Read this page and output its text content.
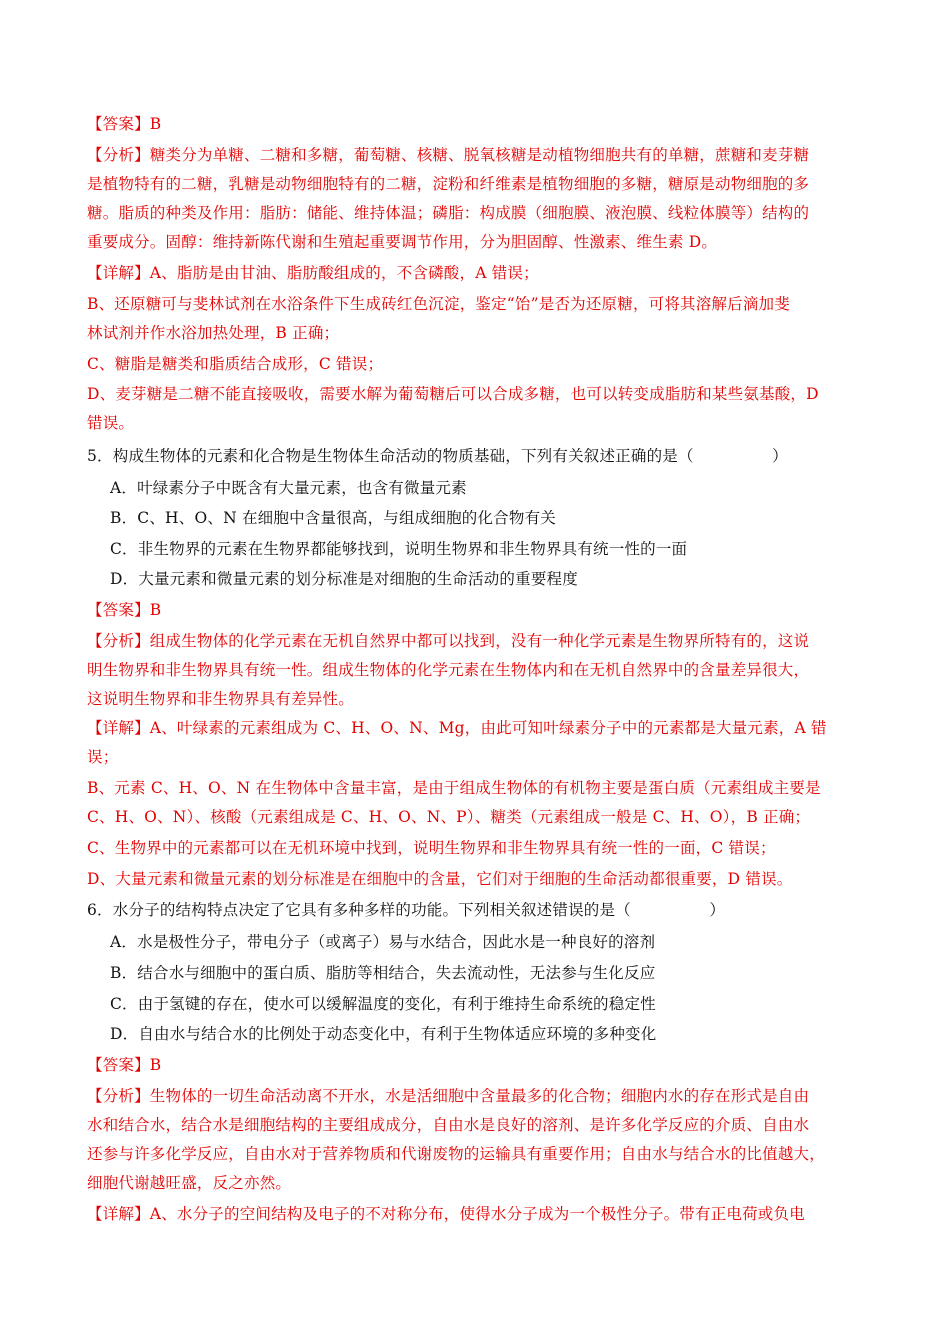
【答案】B
【分析】糖类分为单糖、二糖和多糖，葡萄糖、核糖、脱氧核糖是动植物细胞共有的单糖，蔗糖和麦芽糖
是植物特有的二糖，乳糖是动物细胞特有的二糖，淀粉和纤维素是植物细胞的多糖，糖原是动物细胞的多
糖。脂质的种类及作用：脂肪：储能、维持体温；磷脂：构成膜（细胞膜、液泡膜、线粒体膜等）结构的
重要成分。固醇：维持新陈代谢和生殖起重要调节作用，分为胆固醇、性激素、维生素 D。
【详解】A、脂肪是由甘油、脂肪酸组成的，不含磷酸，A 错误；
B、还原糖可与斐林试剂在水浴条件下生成砖红色沉淀，鉴定“饴”是否为还原糖，可将其溶解后滴加斐
林试剂并作水浴加热处理，B 正确；
C、糖脂是糖类和脂质结合成形，C 错误；
D、麦芽糖是二糖不能直接吸收，需要水解为葡萄糖后可以合成多糖，也可以转变成脂肪和某些氨基酸，D
错误。
5．构成生物体的元素和化合物是生物体生命活动的物质基础，下列有关叙述正确的是（　　　　　）
A．叶绿素分子中既含有大量元素，也含有微量元素
B．C、H、O、N 在细胞中含量很高，与组成细胞的化合物有关
C．非生物界的元素在生物界都能够找到，说明生物界和非生物界具有统一性的一面
D．大量元素和微量元素的划分标准是对细胞的生命活动的重要程度
【答案】B
【分析】组成生物体的化学元素在无机自然界中都可以找到，没有一种化学元素是生物界所特有的，这说
明生物界和非生物界具有统一性。组成生物体的化学元素在生物体内和在无机自然界中的含量差异很大，
这说明生物界和非生物界具有差异性。
【详解】A、叶绿素的元素组成为 C、H、O、N、Mg，由此可知叶绿素分子中的元素都是大量元素，A 错
误；
B、元素 C、H、O、N 在生物体中含量丰富，是由于组成生物体的有机物主要是蛋白质（元素组成主要是
C、H、O、N）、核酸（元素组成是 C、H、O、N、P）、糖类（元素组成一般是 C、H、O），B 正确；
C、生物界中的元素都可以在无机环境中找到，说明生物界和非生物界具有统一性的一面，C 错误；
D、大量元素和微量元素的划分标准是在细胞中的含量，它们对于细胞的生命活动都很重要，D 错误。
6．水分子的结构特点决定了它具有多种多样的功能。下列相关叙述错误的是（　　　　　）
A．水是极性分子，带电分子（或离子）易与水结合，因此水是一种良好的溶剂
B．结合水与细胞中的蛋白质、脂肪等相结合，失去流动性，无法参与生化反应
C．由于氢键的存在，使水可以缓解温度的变化，有利于维持生命系统的稳定性
D．自由水与结合水的比例处于动态变化中，有利于生物体适应环境的多种变化
【答案】B
【分析】生物体的一切生命活动离不开水，水是活细胞中含量最多的化合物；细胞内水的存在形式是自由
水和结合水，结合水是细胞结构的主要组成成分，自由水是良好的溶剂、是许多化学反应的介质、自由水
还参与许多化学反应，自由水对于营养物质和代谢废物的运输具有重要作用；自由水与结合水的比值越大，
细胞代谢越旺盛，反之亦然。
【详解】A、水分子的空间结构及电子的不对称分布，使得水分子成为一个极性分子。带有正电荷或负电
